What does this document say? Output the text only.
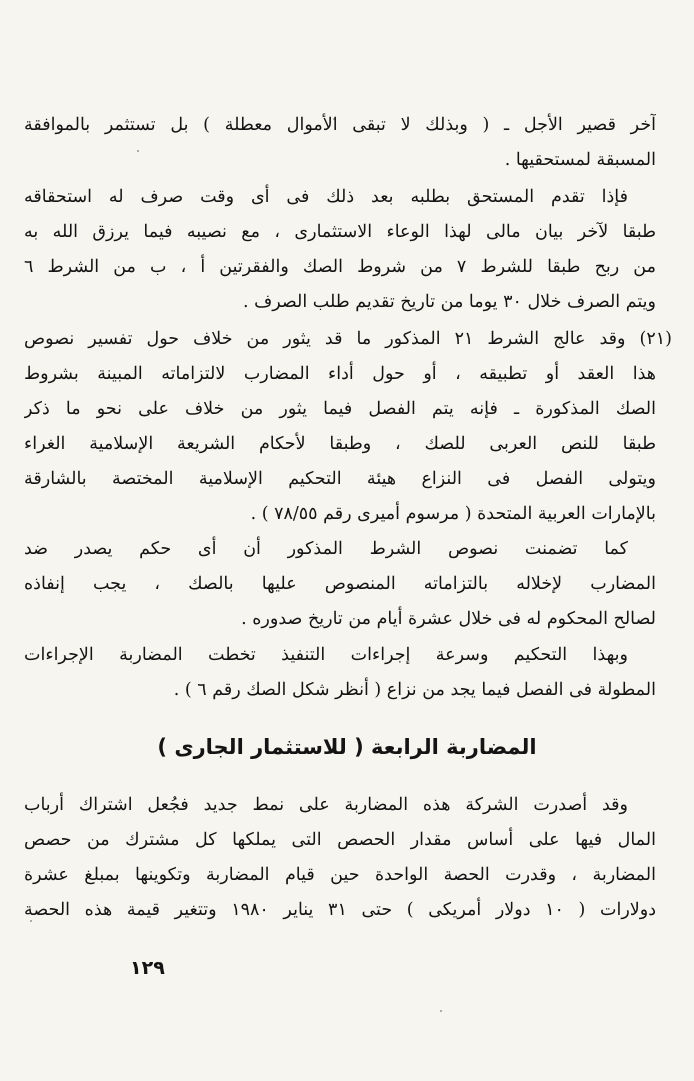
آخر قصير الأجل ـ ( وبذلك لا تبقى الأموال معطلة ) بل تستثمر بالموافقة
المسبقة لمستحقيها .
فإذا تقدم المستحق بطلبه بعد ذلك فى أى وقت صرف له استحقاقه
طبقا لآخر بيان مالى لهذا الوعاء الاستثمارى ، مع نصيبه فيما يرزق الله به
من ربح طبقا للشرط ٧ من شروط الصك والفقرتين أ ، ب من الشرط ٦
ويتم الصرف خلال ٣٠ يوما من تاريخ تقديم طلب الصرف .
(٢١) وقد عالج الشرط ٢١ المذكور ما قد يثور من خلاف حول تفسير نصوص
هذا العقد أو تطبيقه ، أو حول أداء المضارب لالتزاماته المبينة بشروط
الصك المذكورة ـ فإنه يتم الفصل فيما يثور من خلاف على نحو ما ذكر
طبقا للنص العربى للصك ، وطبقا لأحكام الشريعة الإسلامية الغراء
ويتولى الفصل فى النزاع هيئة التحكيم الإسلامية المختصة بالشارقة
بالإمارات العربية المتحدة ( مرسوم أميرى رقم ٧٨/٥٥ ) .
كما تضمنت نصوص الشرط المذكور أن أى حكم يصدر ضد
المضارب لإخلاله بالتزاماته المنصوص عليها بالصك ، يجب إنفاذه
لصالح المحكوم له فى خلال عشرة أيام من تاريخ صدوره .
وبهذا التحكيم وسرعة إجراءات التنفيذ تخطت المضاربة الإجراءات
المطولة فى الفصل فيما يجد من نزاع ( أنظر شكل الصك رقم ٦ ) .
المضاربة الرابعة ( للاستثمار الجارى )
وقد أصدرت الشركة هذه المضاربة على نمط جديد فجُعل اشتراك أرباب
المال فيها على أساس مقدار الحصص التى يملكها كل مشترك من حصص
المضاربة ، وقدرت الحصة الواحدة حين قيام المضاربة وتكوينها بمبلغ عشرة
دولارات ( ١٠ دولار أمريكى ) حتى ٣١ يناير ١٩٨٠ وتتغير قيمة هذه الحصة
١٢٩
